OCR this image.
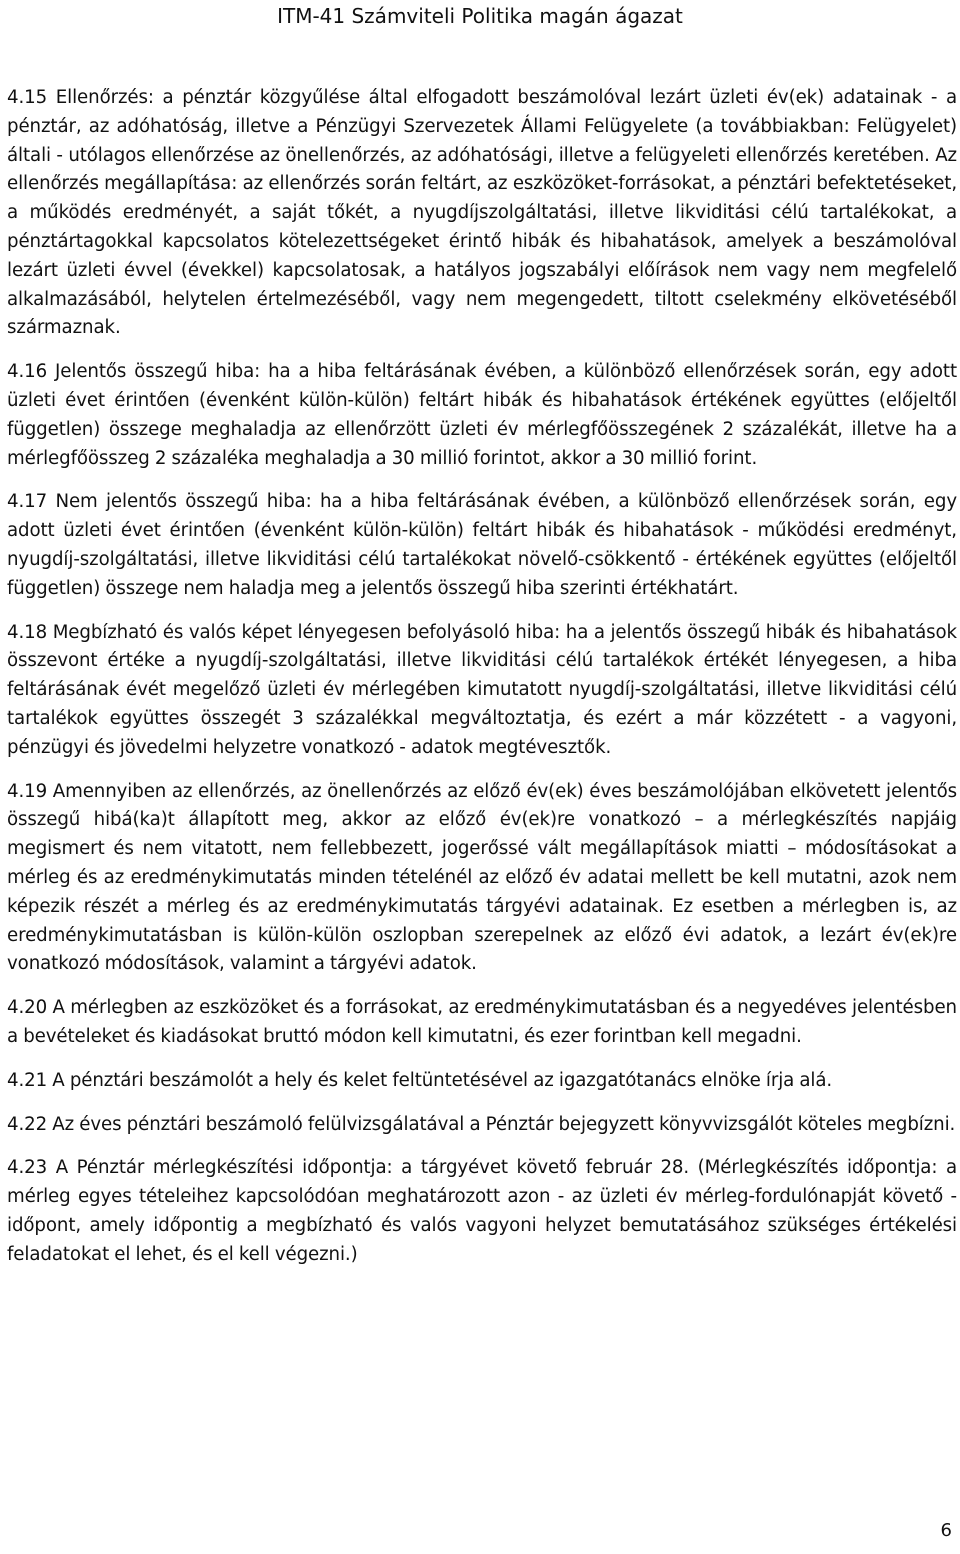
ITM-41 Számviteli Politika magán ágazat

4.15 Ellenőrzés: a pénztár közgyűlése által elfogadott beszámolóval lezárt üzleti év(ek) adatainak - a pénztár, az adóhatóság, illetve a Pénzügyi Szervezetek Állami Felügyelete (a továbbiakban: Felügyelet) általi - utólagos ellenőrzése az önellenőrzés, az adóhatósági, illetve a felügyeleti ellenőrzés keretében. Az ellenőrzés megállapítása: az ellenőrzés során feltárt, az eszközöket-forrásokat, a pénztári befektetéseket, a működés eredményét, a saját tőkét, a nyugdíjszolgáltatási, illetve likviditási célú tartalékokat, a pénztártagokkal kapcsolatos kötelezettségeket érintő hibák és hibahatások, amelyek a beszámolóval lezárt üzleti évvel (évekkel) kapcsolatosak, a hatályos jogszabályi előírások nem vagy nem megfelelő alkalmazásából, helytelen értelmezéséből, vagy nem megengedett, tiltott cselekmény elkövetéséből származnak.

4.16 Jelentős összegű hiba: ha a hiba feltárásának évében, a különböző ellenőrzések során, egy adott üzleti évet érintően (évenként külön-külön) feltárt hibák és hibahatások értékének együttes (előjeltől független) összege meghaladja az ellenőrzött üzleti év mérlegfőösszegének 2 százalékát, illetve ha a mérlegfőösszeg 2 százaléka meghaladja a 30 millió forintot, akkor a 30 millió forint.

4.17 Nem jelentős összegű hiba: ha a hiba feltárásának évében, a különböző ellenőrzések során, egy adott üzleti évet érintően (évenként külön-külön) feltárt hibák és hibahatások - működési eredményt, nyugdíj-szolgáltatási, illetve likviditási célú tartalékokat növelő-csökkentő - értékének együttes (előjeltől független) összege nem haladja meg a jelentős összegű hiba szerinti értékhatárt.

4.18 Megbízható és valós képet lényegesen befolyásoló hiba: ha a jelentős összegű hibák és hibahatások összevont értéke a nyugdíj-szolgáltatási, illetve likviditási célú tartalékok értékét lényegesen, a hiba feltárásának évét megelőző üzleti év mérlegében kimutatott nyugdíj-szolgáltatási, illetve likviditási célú tartalékok együttes összegét 3 százalékkal megváltoztatja, és ezért a már közzétett - a vagyoni, pénzügyi és jövedelmi helyzetre vonatkozó - adatok megtévesztők.

4.19 Amennyiben az ellenőrzés, az önellenőrzés az előző év(ek) éves beszámolójában elkövetett jelentős összegű hibá(ka)t állapított meg, akkor az előző év(ek)re vonatkozó – a mérlegkészítés napjáig megismert és nem vitatott, nem fellebbezett, jogerőssé vált megállapítások miatti – módosításokat a mérleg és az eredménykimutatás minden tételénél az előző év adatai mellett be kell mutatni, azok nem képezik részét a mérleg és az eredménykimutatás tárgyévi adatainak. Ez esetben a mérlegben is, az eredménykimutatásban is külön-külön oszlopban szerepelnek az előző évi adatok, a lezárt év(ek)re vonatkozó módosítások, valamint a tárgyévi adatok.

4.20 A mérlegben az eszközöket és a forrásokat, az eredménykimutatásban és a negyedéves jelentésben a bevételeket és kiadásokat bruttó módon kell kimutatni, és ezer forintban kell megadni.

4.21 A pénztári beszámolót a hely és kelet feltüntetésével az igazgatótanács elnöke írja alá.

4.22 Az éves pénztári beszámoló felülvizsgálatával a Pénztár bejegyzett könyvvizsgálót köteles megbízni.

4.23 A Pénztár mérlegkészítési időpontja: a tárgyévet követő február 28. (Mérlegkészítés időpontja: a mérleg egyes tételeihez kapcsolódóan meghatározott azon - az üzleti év mérleg-fordulónapját követő - időpont, amely időpontig a megbízható és valós vagyoni helyzet bemutatásához szükséges értékelési feladatokat el lehet, és el kell végezni.)

6
